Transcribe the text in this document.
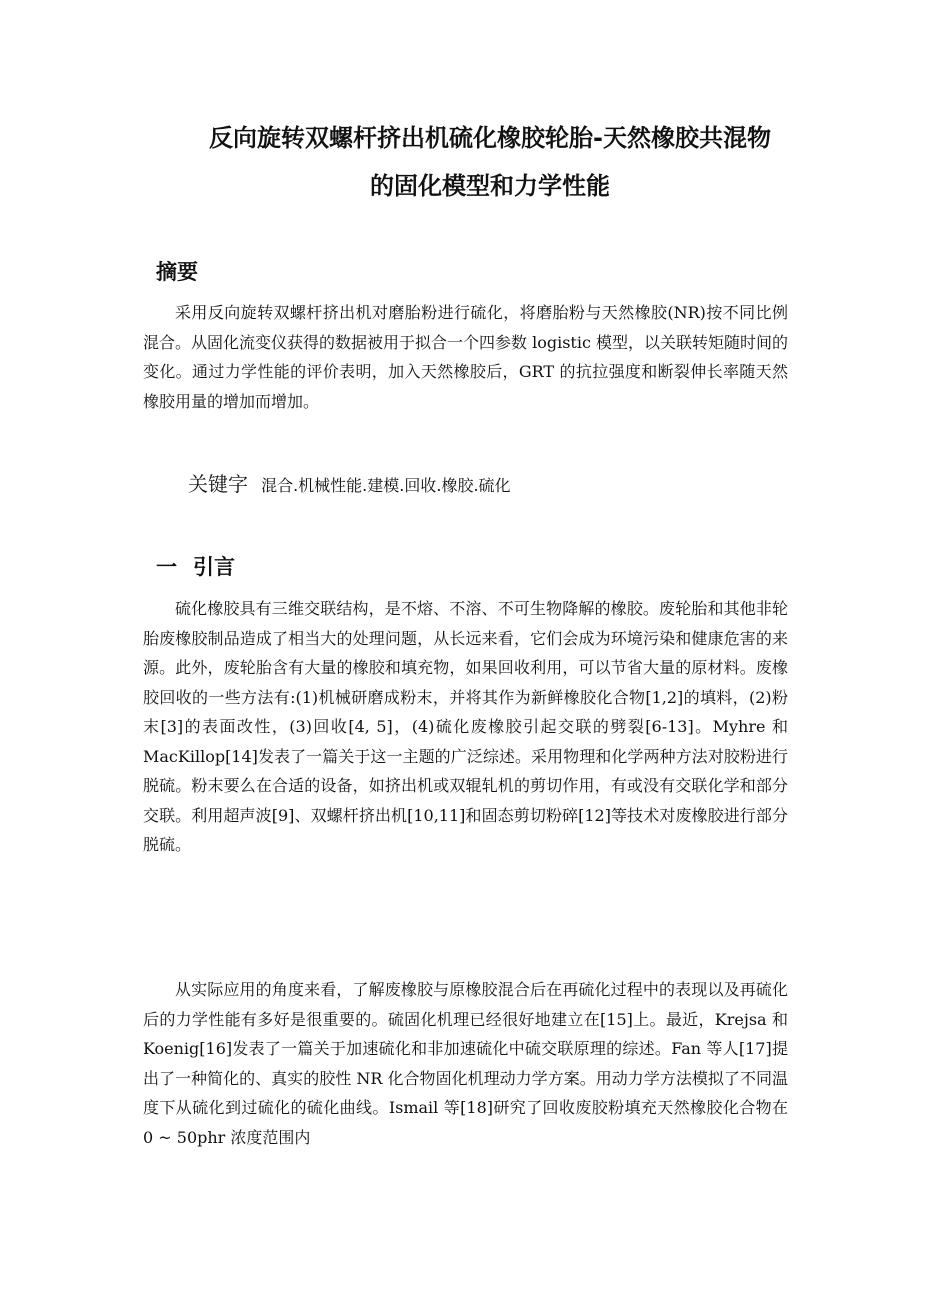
反向旋转双螺杆挤出机硫化橡胶轮胎-天然橡胶共混物
的固化模型和力学性能
摘要

采用反向旋转双螺杆挤出机对磨胎粉进行硫化，将磨胎粉与天然橡胶(NR)按不同比例混合。从固化流变仪获得的数据被用于拟合一个四参数 logistic 模型，以关联转矩随时间的变化。通过力学性能的评价表明，加入天然橡胶后，GRT 的抗拉强度和断裂伸长率随天然橡胶用量的增加而增加。

关键字 混合.机械性能.建模.回收.橡胶.硫化
一 引言

硫化橡胶具有三维交联结构，是不熔、不溶、不可生物降解的橡胶。废轮胎和其他非轮胎废橡胶制品造成了相当大的处理问题，从长远来看，它们会成为环境污染和健康危害的来源。此外，废轮胎含有大量的橡胶和填充物，如果回收利用，可以节省大量的原材料。废橡胶回收的一些方法有:(1)机械研磨成粉末，并将其作为新鲜橡胶化合物[1,2]的填料，(2)粉末[3]的表面改性，(3)回收[4, 5]，(4)硫化废橡胶引起交联的劈裂[6-13]。Myhre 和 MacKillop[14]发表了一篇关于这一主题的广泛综述。采用物理和化学两种方法对胶粉进行脱硫。粉末要么在合适的设备，如挤出机或双辊轧机的剪切作用，有或没有交联化学和部分交联。利用超声波[9]、双螺杆挤出机[10,11]和固态剪切粉碎[12]等技术对废橡胶进行部分脱硫。

从实际应用的角度来看，了解废橡胶与原橡胶混合后在再硫化过程中的表现以及再硫化后的力学性能有多好是很重要的。硫固化机理已经很好地建立在[15]上。最近，Krejsa 和 Koenig[16]发表了一篇关于加速硫化和非加速硫化中硫交联原理的综述。Fan 等人[17]提出了一种简化的、真实的胶性 NR 化合物固化机理动力学方案。用动力学方法模拟了不同温度下从硫化到过硫化的硫化曲线。Ismail 等[18]研究了回收废胶粉填充天然橡胶化合物在 0 ~ 50phr 浓度范围内
